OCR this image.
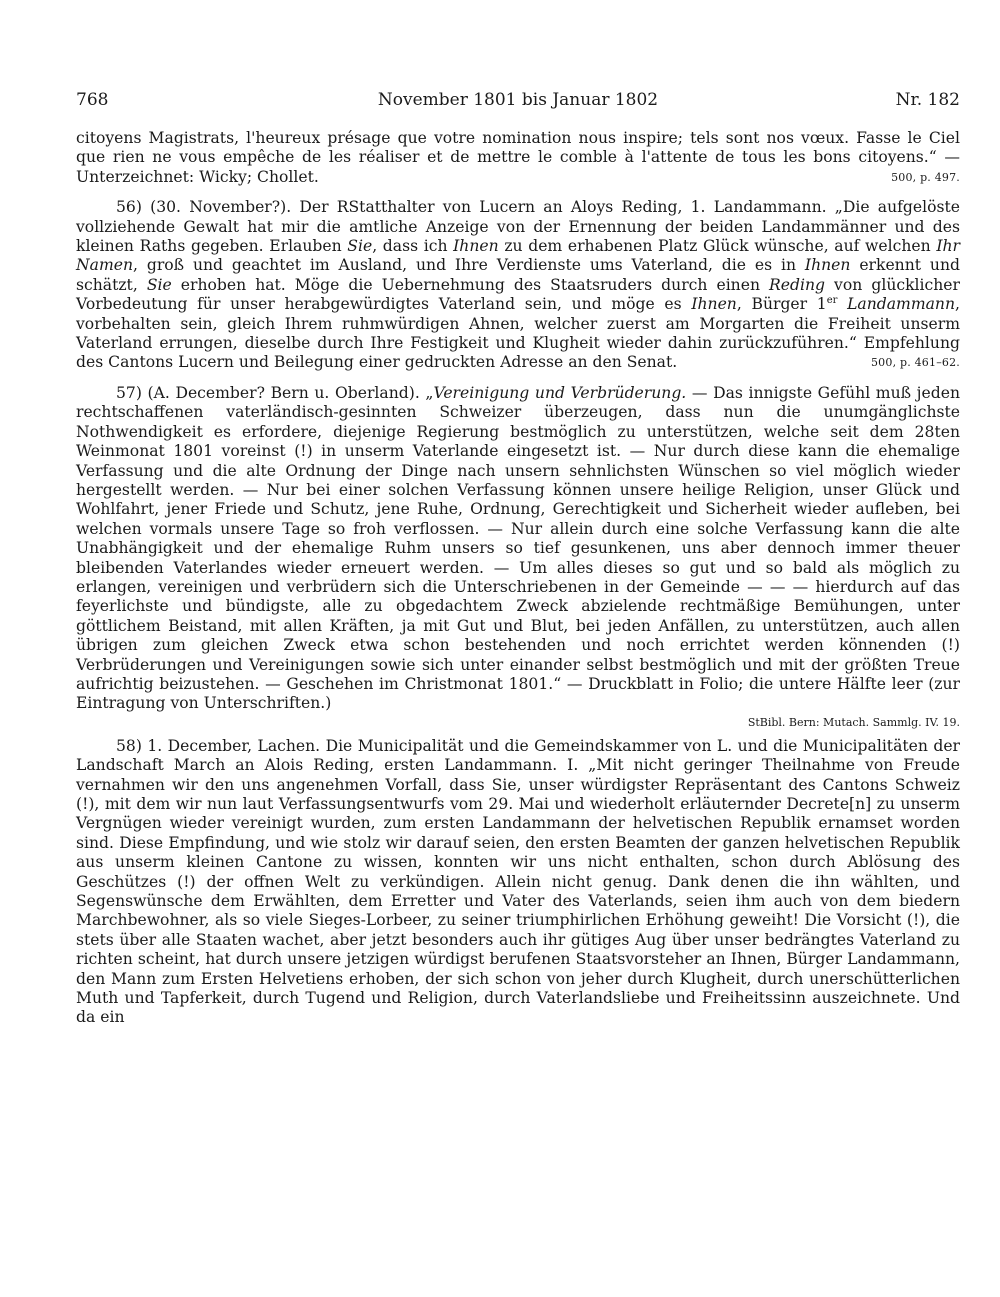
768	November 1801 bis Januar 1802	Nr. 182

citoyens Magistrats, l'heureux présage que votre nomination nous inspire; tels sont nos vœux. Fasse le Ciel que rien ne vous empêche de les réaliser et de mettre le comble à l'attente de tous les bons citoyens.“ — Unterzeichnet: Wicky; Chollet.	500, p. 497.

56) (30. November?). Der RStatthalter von Lucern an Aloys Reding, 1. Landammann. „Die aufgelöste vollziehende Gewalt hat mir die amtliche Anzeige von der Ernennung der beiden Landammänner und des kleinen Raths gegeben. Erlauben Sie, dass ich Ihnen zu dem erhabenen Platz Glück wünsche, auf welchen Ihr Namen, groß und geachtet im Ausland, und Ihre Verdienste ums Vaterland, die es in Ihnen erkennt und schätzt, Sie erhoben hat. Möge die Uebernehmung des Staatsruders durch einen Reding von glücklicher Vorbedeutung für unser herabgewürdigtes Vaterland sein, und möge es Ihnen, Bürger 1er Landammann, vorbehalten sein, gleich Ihrem ruhmwürdigen Ahnen, welcher zuerst am Morgarten die Freiheit unserm Vaterland errungen, dieselbe durch Ihre Festigkeit und Klugheit wieder dahin zurückzuführen.“ Empfehlung des Cantons Lucern und Beilegung einer gedruckten Adresse an den Senat.	500, p. 461–62.

57) (A. December? Bern u. Oberland). „Vereinigung und Verbrüderung. — Das innigste Gefühl muß jeden rechtschaffenen vaterländisch-gesinnten Schweizer überzeugen, dass nun die unumgänglichste Nothwendigkeit es erfordere, diejenige Regierung bestmöglich zu unterstützen, welche seit dem 28ten Weinmonat 1801 voreinst (!) in unserm Vaterlande eingesetzt ist. — Nur durch diese kann die ehemalige Verfassung und die alte Ordnung der Dinge nach unsern sehnlichsten Wünschen so viel möglich wieder hergestellt werden. — Nur bei einer solchen Verfassung können unsere heilige Religion, unser Glück und Wohlfahrt, jener Friede und Schutz, jene Ruhe, Ordnung, Gerechtigkeit und Sicherheit wieder aufleben, bei welchen vormals unsere Tage so froh verflossen. — Nur allein durch eine solche Verfassung kann die alte Unabhängigkeit und der ehemalige Ruhm unsers so tief gesunkenen, uns aber dennoch immer theuer bleibenden Vaterlandes wieder erneuert werden. — Um alles dieses so gut und so bald als möglich zu erlangen, vereinigen und verbrüdern sich die Unterschriebenen in der Gemeinde — — — hierdurch auf das feyerlichste und bündigste, alle zu obgedachtem Zweck abzielende rechtmäßige Bemühungen, unter göttlichem Beistand, mit allen Kräften, ja mit Gut und Blut, bei jeden Anfällen, zu unterstützen, auch allen übrigen zum gleichen Zweck etwa schon bestehenden und noch errichtet werden könnenden (!) Verbrüderungen und Vereinigungen sowie sich unter einander selbst bestmöglich und mit der größten Treue aufrichtig beizustehen. — Geschehen im Christmonat 1801.“ — Druckblatt in Folio; die untere Hälfte leer (zur Eintragung von Unterschriften.)

StBibl. Bern: Mutach. Sammlg. IV. 19.

58) 1. December, Lachen. Die Municipalität und die Gemeindskammer von L. und die Municipalitäten der Landschaft March an Alois Reding, ersten Landammann. I. „Mit nicht geringer Theilnahme von Freude vernahmen wir den uns angenehmen Vorfall, dass Sie, unser würdigster Repräsentant des Cantons Schweiz (!), mit dem wir nun laut Verfassungsentwurfs vom 29. Mai und wiederholt erläuternder Decrete[n] zu unserm Vergnügen wieder vereinigt wurden, zum ersten Landammann der helvetischen Republik ernamset worden sind. Diese Empfindung, und wie stolz wir darauf seien, den ersten Beamten der ganzen helvetischen Republik aus unserm kleinen Cantone zu wissen, konnten wir uns nicht enthalten, schon durch Ablösung des Geschützes (!) der offnen Welt zu verkündigen. Allein nicht genug. Dank denen die ihn wählten, und Segenswünsche dem Erwählten, dem Erretter und Vater des Vaterlands, seien ihm auch von dem biedern Marchbewohner, als so viele Sieges-Lorbeer, zu seiner triumphirlichen Erhöhung geweiht! Die Vorsicht (!), die stets über alle Staaten wachet, aber jetzt besonders auch ihr gütiges Aug über unser bedrängtes Vaterland zu richten scheint, hat durch unsere jetzigen würdigst berufenen Staatsvorsteher an Ihnen, Bürger Landammann, den Mann zum Ersten Helvetiens erhoben, der sich schon von jeher durch Klugheit, durch unerschütterlichen Muth und Tapferkeit, durch Tugend und Religion, durch Vaterlandsliebe und Freiheitssinn auszeichnete. Und da ein
